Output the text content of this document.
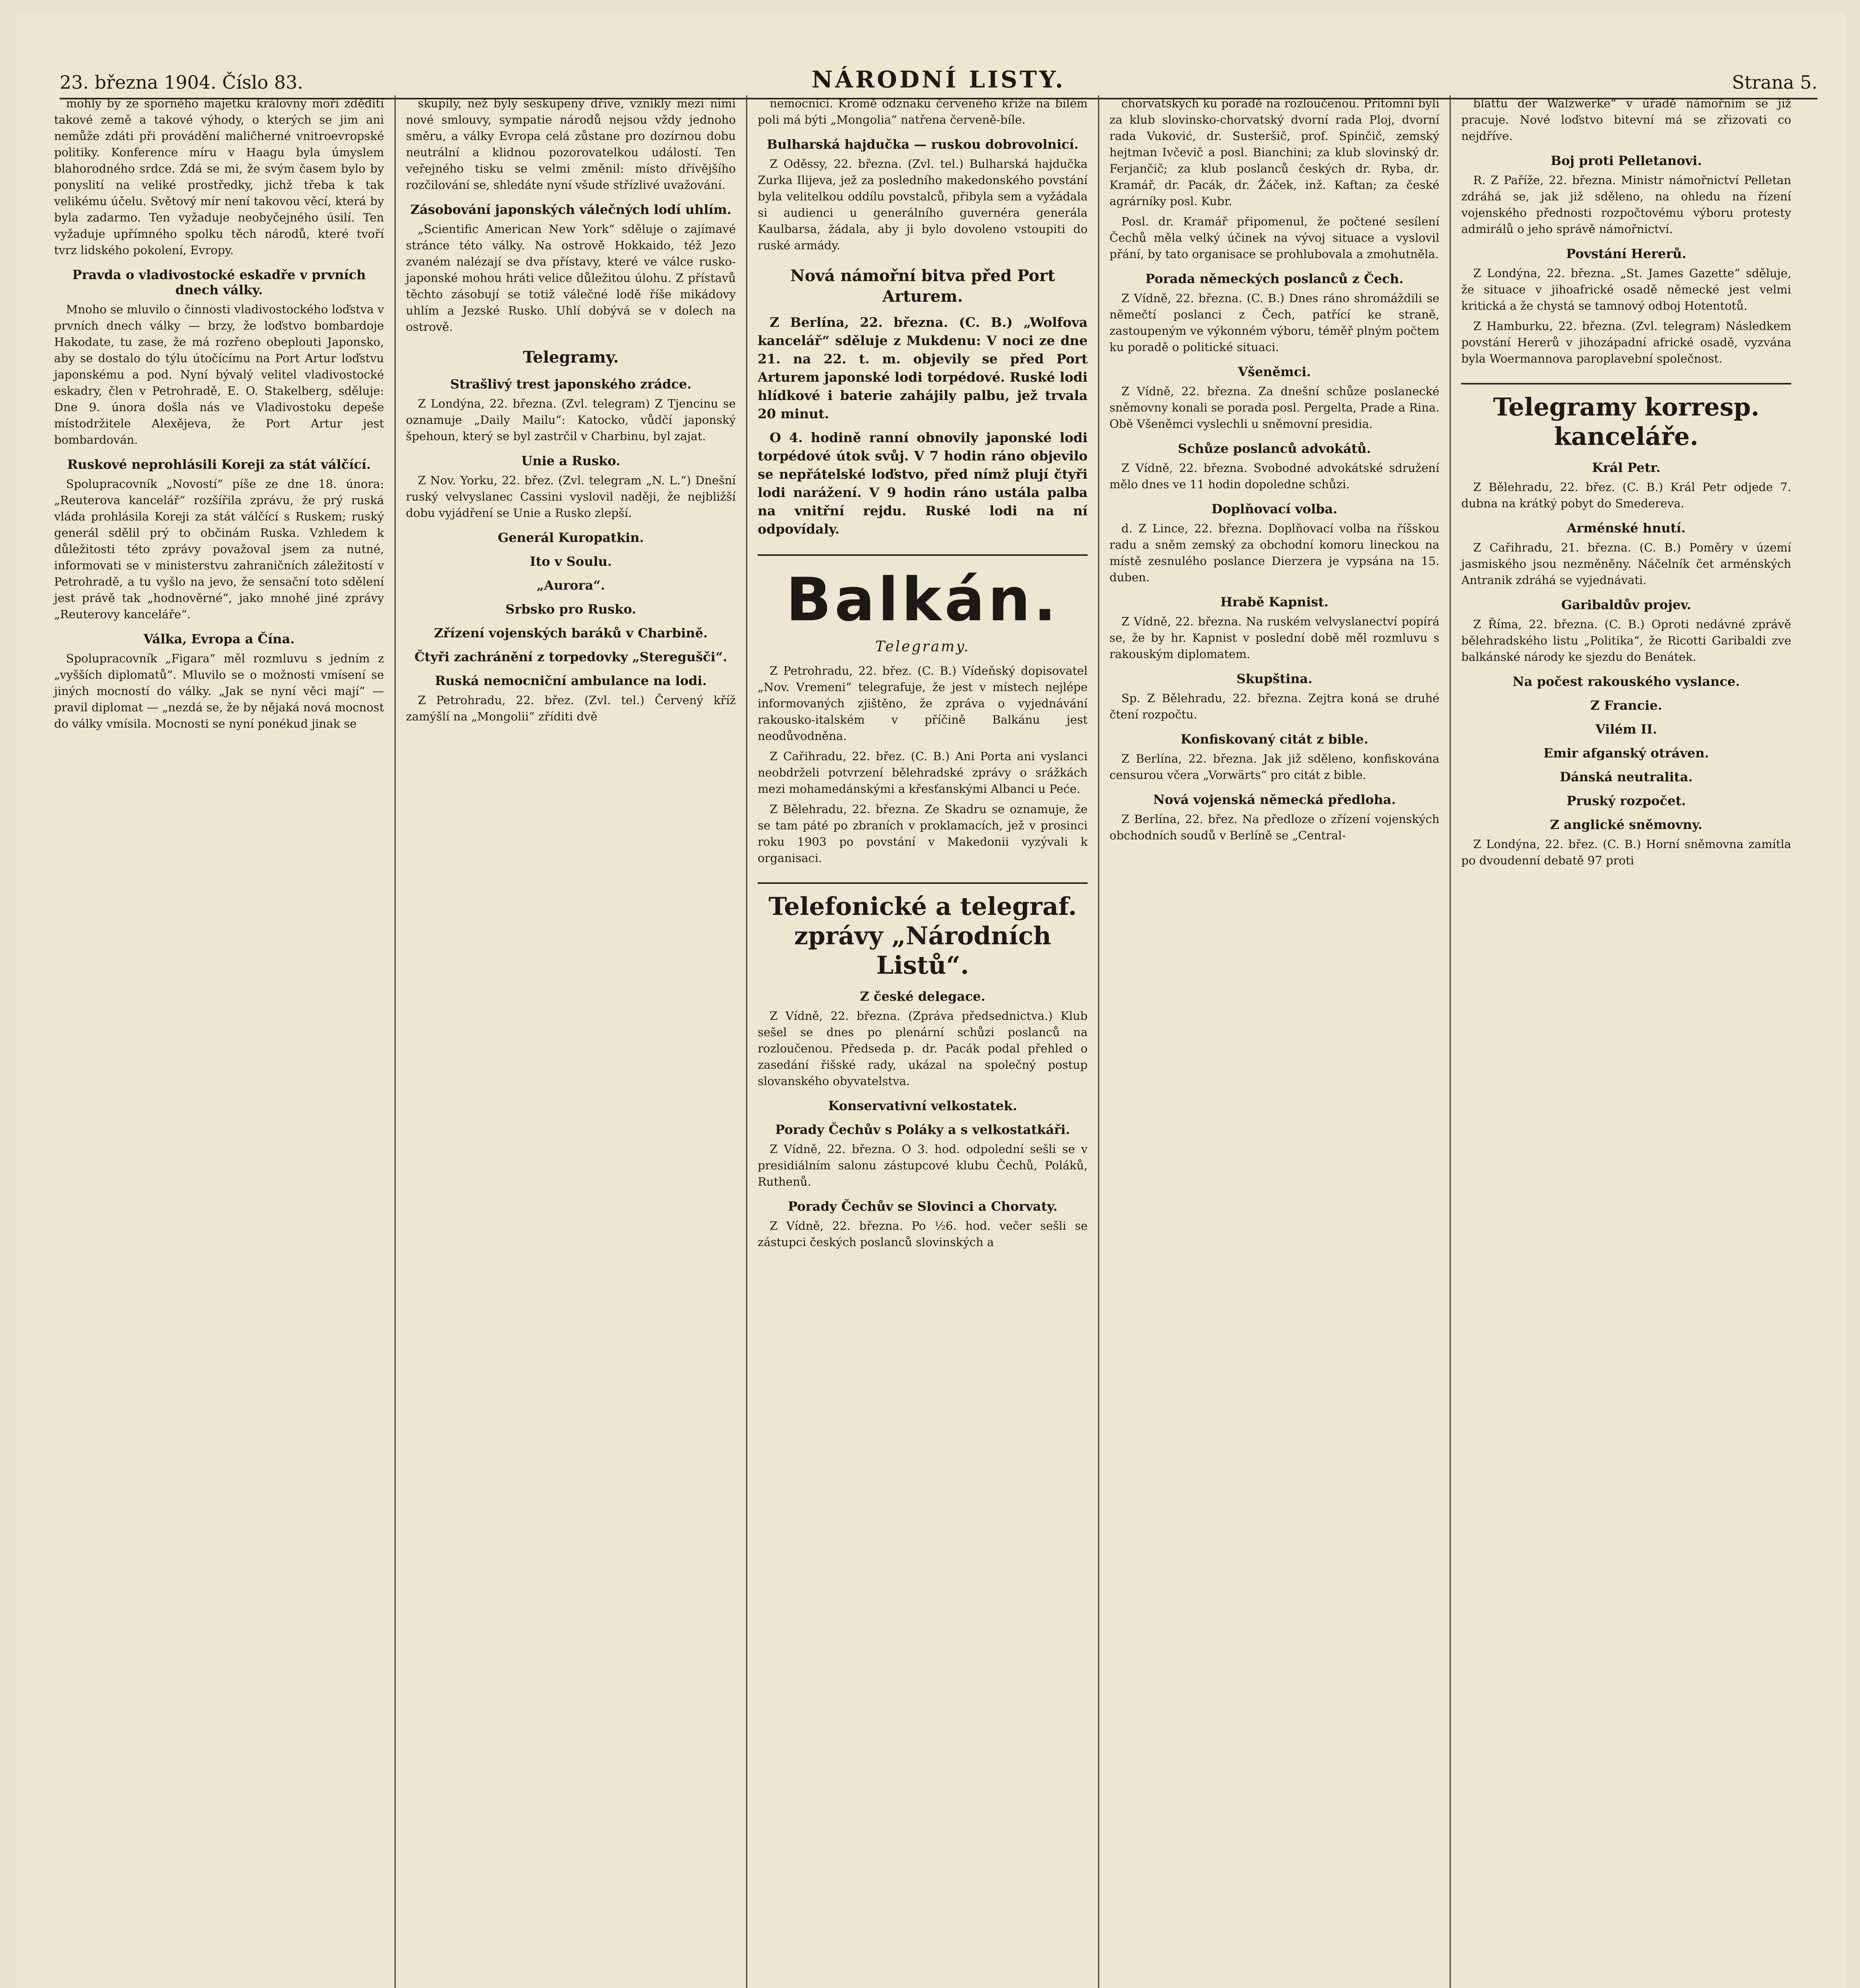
23. března 1904. Číslo 83.	NÁRODNÍ LISTY.	Strana 5.

mohly by ze sporného majetku královny moří zdědití takové země a takové výhody, o kterých se jim ani nemůže zdáti při provádění maličherné vnitroevropské politiky. Konference míru v Haagu byla úmyslem blahorodného srdce. Zdá se mi, že svým časem bylo by ponyslití na veliké prostředky, jichž třeba k tak velikému účelu. Světový mír není takovou věcí, která by byla zadarmo. Ten vyžaduje neobyčejného úsilí. Ten vyžaduje upřímného spolku těch národů, které tvoří tvrz lidského pokolení, Evropy.

Pravda o vladivostocké eskadře v prvních dnech války.

Mnoho se mluvilo o činnosti vladivostockého loďstva v prvních dnech války — brzy, že loďstvo bombardoje Hakodate, tu zase, že má rozřeno obeplouti Japonsko, aby se dostalo do týlu útočícímu na Port Artur loďstvu japonskému a pod. Nyní bývalý velitel vladivostocké eskadry, člen v Petrohradě, E. O. Stakelberg, sděluje: Dne 9. února došla nás ve Vladivostoku depeše místodržitele Alexějeva, že Port Artur jest bombardován.

Ruskové neprohlásili Koreji za stát válčící.

Spolupracovník „Novostí“ píše ze dne 18. února: „Reuterova kancelář“ rozšířila zprávu, že prý ruská vláda prohlásila Koreji za stát válčící s Ruskem; ruský generál sdělil prý to občinám Ruska. Vzhledem k důležitosti této zprávy považoval jsem za nutné, informovati se v ministerstvu zahraničních záležitostí v Petrohradě, a tu vyšlo na jevo, že sensační toto sdělení jest právě tak „hodnověrné“, jako mnohé jiné zprávy „Reuterovy kanceláře“.

Válka, Evropa a Čína.

Spolupracovník „Figara“ měl rozmluvu s jedním z „vyšších diplomatů“. Mluvilo se o možnosti vmísení se jiných mocností do války. „Jak se nyní věci mají“ — pravil diplomat — „nezdá se, že by nějaká nová mocnost do války vmísila. Mocnosti se nyní ponékud jinak se

skupily, než byly seskupeny dříve, vznikly mezi nimi nové smlouvy, sympatie národů nejsou vždy jednoho směru, a války Evropa celá zůstane pro dozírnou dobu neutrální a klidnou pozorovatelkou událostí. Ten veřejného tisku se velmi změnil: místo dřívějšího rozčilování se, shledáte nyní všude střízlivé uvažování.

Zásobování japonských válečných lodí uhlím.

„Scientific American New York“ sděluje o zajímavé stránce této války. Na ostrově Hokkaido, též Jezo zvaném nalézají se dva přístavy, které ve válce rusko-japonské mohou hráti velice důležitou úlohu. Z přístavů těchto zásobují se totiž válečné lodě říše mikádovy uhlím a Jezské Rusko. Uhlí dobývá se v dolech na ostrově.

Telegramy.
Strašlivý trest japonského zrádce.

Z Londýna, 22. března. (Zvl. telegram) Z Tjencinu se oznamuje „Daily Mailu“: Katocko, vůdčí japonský špehoun, který se byl zastrčil v Charbinu, byl zajat.

Unie a Rusko.

Z Nov. Yorku, 22. břez. (Zvl. telegram „N. L.“) Dnešní ruský velvyslanec Cassini vyslovil naději, že nejbližší dobu vyjádření se Unie a Rusko zlepší.

Generál Kuropatkin.
Ito v Soulu.
„Aurora“.
Srbsko pro Rusko.
Zřízení vojenských baráků v Charbině.
Čtyři zachránění z torpedovky „Steregušči“.
Ruská nemocniční ambulance na lodi.

Z Petrohradu, 22. břez. (Zvl. tel.) Červený kříž zamýšlí na „Mongolii“ zříditi dvě

nemocnici. Kromě odznaku červeného kříže na bílém poli má býti „Mongolia“ natřena červeně-bíle.

Bulharská hajdučka — ruskou dobrovolnicí.

Z Oděssy, 22. března. (Zvl. tel.) Bulharská hajdučka Zurka Ilijeva, jež za posledního makedonského povstání byla velitelkou oddílu povstalců, přibyla sem a vyžádala si audienci u generálního guvernéra generála Kaulbarsa, žádala, aby ji bylo dovoleno vstoupiti do ruské armády.

Nová námořní bitva před Port Arturem.

Z Berlína, 22. března. (C. B.) „Wolfova kancelář“ sděluje z Mukdenu: V noci ze dne 21. na 22. t. m. objevily se před Port Arturem japonské lodi torpédové. Ruské lodi hlídkové i baterie zahájily palbu, jež trvala 20 minut.

O 4. hodině ranní obnovily japonské lodi torpédové útok svůj. V 7 hodin ráno objevilo se nepřátelské loďstvo, před nímž plují čtyři lodi narážení. V 9 hodin ráno ustála palba na vnitřní rejdu. Ruské lodi na ní odpovídaly.

Balkán.
Telegramy.

Z Petrohradu, 22. břez. (C. B.) Vídeňský dopisovatel „Nov. Vremeni“ telegrafuje, že jest v místech nejlépe informovaných zjištěno, že zpráva o vyjednávání rakousko-italském v příčině Balkánu jest neodůvodněna.

Z Cařihradu, 22. břez. (C. B.) Ani Porta ani vyslanci neobdrželi potvrzení bělehradské zprávy o srážkách mezi mohamedánskými a křesťanskými Albanci u Peće.

Z Bělehradu, 22. března. Ze Skadru se oznamuje, že se tam páté po zbraních v proklamacích, jež v prosinci roku 1903 po povstání v Makedonii vyzývali k organisaci.

Telefonické a telegraf. zprávy „Národních Listů“.
Z české delegace.

Z Vídně, 22. března. (Zpráva předsednictva.) Klub sešel se dnes po plenární schůzi poslanců na rozloučenou. Předseda p. dr. Pacák podal přehled o zasedání řišské rady, ukázal na společný postup slovanského obyvatelstva.

Konservativní velkostatek.
Porady Čechův s Poláky a s velkostatkáři.

Z Vídně, 22. března. O 3. hod. odpolední sešli se v presidiálním salonu zástupcové klubu Čechů, Poláků, Ruthenů.

Porady Čechův se Slovinci a Chorvaty.

Z Vídně, 22. března. Po ½6. hod. večer sešli se zástupci českých poslanců slovinských a

chorvatských ku poradě na rozloučenou. Přítomni byli za klub slovinsko-chorvatský dvorní rada Ploj, dvorní rada Vuković, dr. Susteršič, prof. Spinčič, zemský hejtman Ivčevič a posl. Bianchini; za klub slovinský dr. Ferjančič; za klub poslanců českých dr. Ryba, dr. Kramář, dr. Pacák, dr. Žáček, inž. Kaftan; za české agrárníky posl. Kubr.

Posl. dr. Kramář připomenul, že počtené sesílení Čechů měla velký účinek na vývoj situace a vyslovil přání, by tato organisace se prohlubovala a zmohutněla.

Porada německých poslanců z Čech.

Z Vídně, 22. března. (C. B.) Dnes ráno shromáždili se němečtí poslanci z Čech, patřící ke straně, zastoupeným ve výkonném výboru, téměř plným počtem ku poradě o politické situaci.

Všeněmci.

Z Vídně, 22. března. Za dnešní schůze poslanecké sněmovny konali se porada posl. Pergelta, Prade a Rina. Obě Všeněmci vyslechli u sněmovní presidia.

Schůze poslanců advokátů.

Z Vídně, 22. března. Svobodné advokátské sdružení mělo dnes ve 11 hodin dopoledne schůzi.

Doplňovací volba.

d. Z Lince, 22. března. Doplňovací volba na říšskou radu a sněm zemský za obchodní komoru lineckou na místě zesnulého poslance Dierzera je vypsána na 15. duben.

Hrabě Kapnist.

Z Vídně, 22. března. Na ruském velvyslanectví popírá se, že by hr. Kapnist v poslední době měl rozmluvu s rakouským diplomatem.

Skupština.

Sp. Z Bělehradu, 22. března. Zejtra koná se druhé čtení rozpočtu.

Konfiskovaný citát z bible.

Z Berlína, 22. března. Jak již sděleno, konfiskována censurou včera „Vorwärts“ pro citát z bible.

Nová vojenská německá předloha.

Z Berlína, 22. břez. Na předloze o zřízení vojenských obchodních soudů v Berlíně se „Central-

blattu der Walzwerke“ v úřadě námořním se již pracuje. Nové loďstvo bitevní má se zřizovati co nejdříve.

Boj proti Pelletanovi.

R. Z Paříže, 22. března. Ministr námořnictví Pelletan zdráhá se, jak již sděleno, na ohledu na řízení vojenského přednosti rozpočtovému výboru protesty admirálů o jeho správě námořnictví.

Povstání Hererů.

Z Londýna, 22. března. „St. James Gazette“ sděluje, že situace v jihoafrické osadě německé jest velmi kritická a že chystá se tamnový odboj Hotentotů.

Z Hamburku, 22. března. (Zvl. telegram) Následkem povstání Hererů v jihozápadní africké osadě, vyzvána byla Woermannova paroplavební společnost.

Telegramy korresp. kanceláře.
Král Petr.

Z Bělehradu, 22. břez. (C. B.) Král Petr odjede 7. dubna na krátký pobyt do Smedereva.

Arménské hnutí.

Z Cařihradu, 21. března. (C. B.) Poměry v území jasmiského jsou nezměněny. Náčelník čet arménských Antranik zdráhá se vyjednávati.

Garibaldův projev.

Z Říma, 22. března. (C. B.) Oproti nedávné zprávě bělehradského listu „Politika“, že Ricotti Garibaldi zve balkánské národy ke sjezdu do Benátek.

Na počest rakouského vyslance.
Z Francie.
Vilém II.
Emir afganský otráven.
Dánská neutralita.
Pruský rozpočet.
Z anglické sněmovny.

Z Londýna, 22. břez. (C. B.) Horní sněmovna zamítla po dvoudenní debatě 97 proti
